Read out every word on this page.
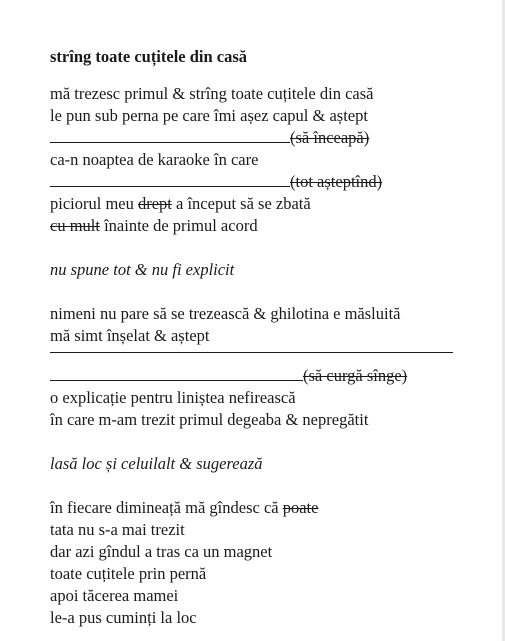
strîng toate cuțitele din casă
mă trezesc primul & strîng toate cuțitele din casă
le pun sub perna pe care îmi așez capul & aștept
(să înceapă)
ca-n noaptea de karaoke în care
(tot așteptînd)
piciorul meu drept a început să se zbată
cu mult înainte de primul acord
nu spune tot & nu fi explicit
nimeni nu pare să se trezească & ghilotina e măsluită
mă simt înșelat & aștept
(să curgă sînge)
o explicație pentru liniștea nefirească
în care m-am trezit primul degeaba & nepregătit
lasă loc și celuilalt & sugerează
în fiecare dimineață mă gîndesc că poate
tata nu s-a mai trezit
dar azi gîndul a tras ca un magnet
toate cuțitele prin pernă
apoi tăcerea mamei
le-a pus cuminți la loc
